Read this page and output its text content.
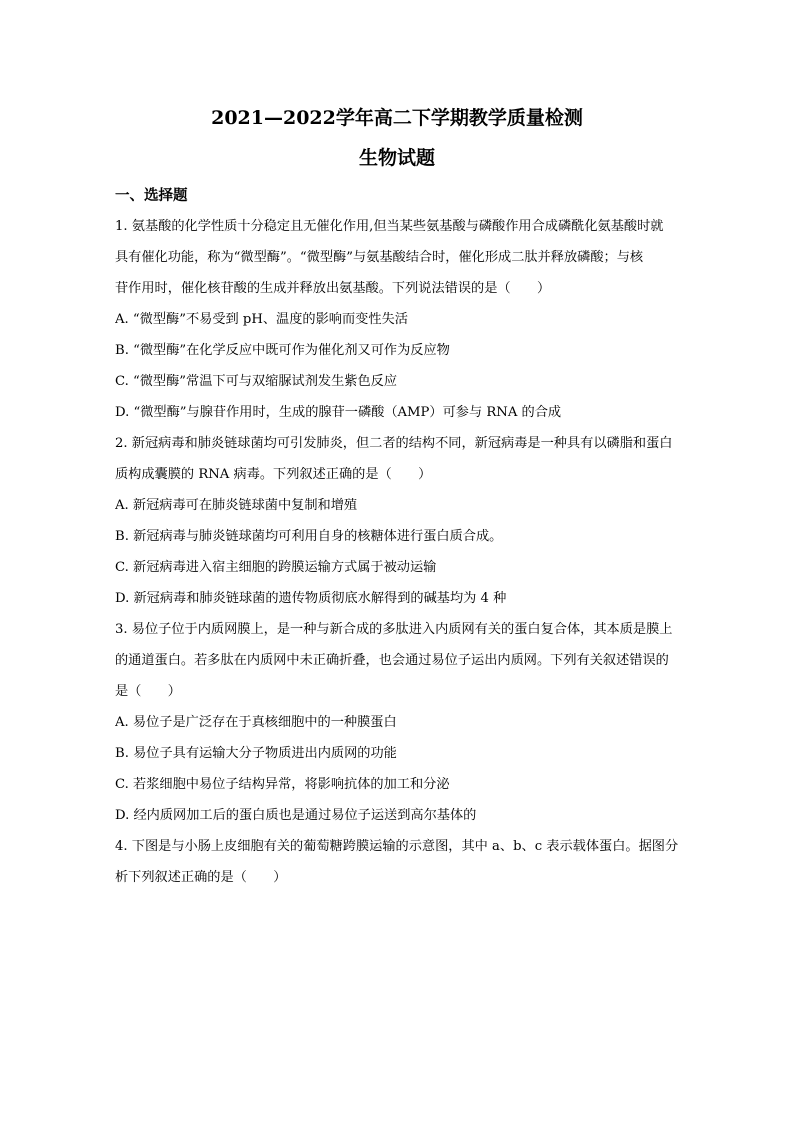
2021—2022学年高二下学期教学质量检测
生物试题
一、选择题
1. 氨基酸的化学性质十分稳定且无催化作用,但当某些氨基酸与磷酸作用合成磷酰化氨基酸时就
具有催化功能，称为“微型酶”。“微型酶”与氨基酸结合时，催化形成二肽并释放磷酸；与核
苷作用时，催化核苷酸的生成并释放出氨基酸。下列说法错误的是（　　）
A. “微型酶”不易受到 pH、温度的影响而变性失活
B. “微型酶”在化学反应中既可作为催化剂又可作为反应物
C. “微型酶”常温下可与双缩脲试剂发生紫色反应
D. “微型酶”与腺苷作用时，生成的腺苷一磷酸（AMP）可参与 RNA 的合成
2. 新冠病毒和肺炎链球菌均可引发肺炎，但二者的结构不同，新冠病毒是一种具有以磷脂和蛋白
质构成囊膜的 RNA 病毒。下列叙述正确的是（　　）
A. 新冠病毒可在肺炎链球菌中复制和增殖
B. 新冠病毒与肺炎链球菌均可利用自身的核糖体进行蛋白质合成。
C. 新冠病毒进入宿主细胞的跨膜运输方式属于被动运输
D. 新冠病毒和肺炎链球菌的遗传物质彻底水解得到的碱基均为 4 种
3. 易位子位于内质网膜上，是一种与新合成的多肽进入内质网有关的蛋白复合体，其本质是膜上
的通道蛋白。若多肽在内质网中未正确折叠，也会通过易位子运出内质网。下列有关叙述错误的
是（　　）
A. 易位子是广泛存在于真核细胞中的一种膜蛋白
B. 易位子具有运输大分子物质进出内质网的功能
C. 若浆细胞中易位子结构异常，将影响抗体的加工和分泌
D. 经内质网加工后的蛋白质也是通过易位子运送到高尔基体的
4. 下图是与小肠上皮细胞有关的葡萄糖跨膜运输的示意图，其中 a、b、c 表示载体蛋白。据图分
析下列叙述正确的是（　　）
